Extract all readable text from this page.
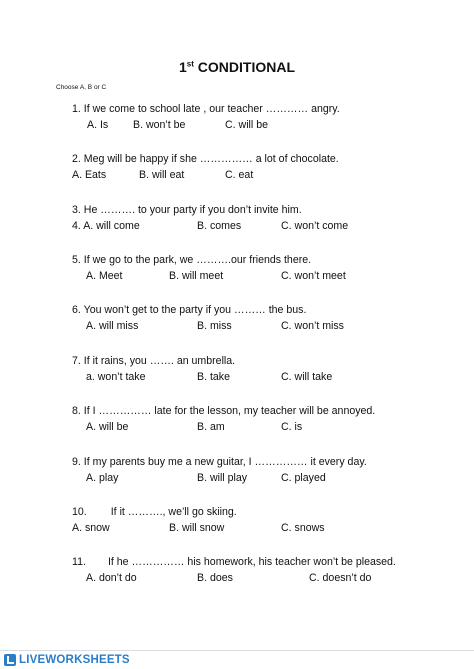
1st CONDITIONAL
Choose A, B or C
1. If we come to school late , our teacher ………… angry.
A. Is B. won’t be	C. will be
2. Meg will be happy if she …………… a lot of chocolate.
A. Eats	B. will eat	C. eat
3. He ………. to your party if you don’t invite him.
4. A. will come	B. comes	C. won’t come
5. If we go to the park, we ……….our friends there.
A. Meet	B. will meet	C. won’t meet
6. You won’t get to the party if you ……… the bus.
A. will miss	B. miss	C. won’t miss
7. If it rains, you ……. an umbrella.
a. won’t take	B. take	C. will take
8. If I …………… late for the lesson, my teacher will be annoyed.
A. will be	B. am	C. is
9. If my parents buy me a new guitar, I …………… it every day.
A. play	B. will play	C. played
10. If it ………., we’ll go skiing.
A. snow	B. will snow	C. snows
11. If he …………… his homework, his teacher won’t be pleased.
A. don’t do	B. does	C. doesn’t do
LIVEWORKSHEETS
